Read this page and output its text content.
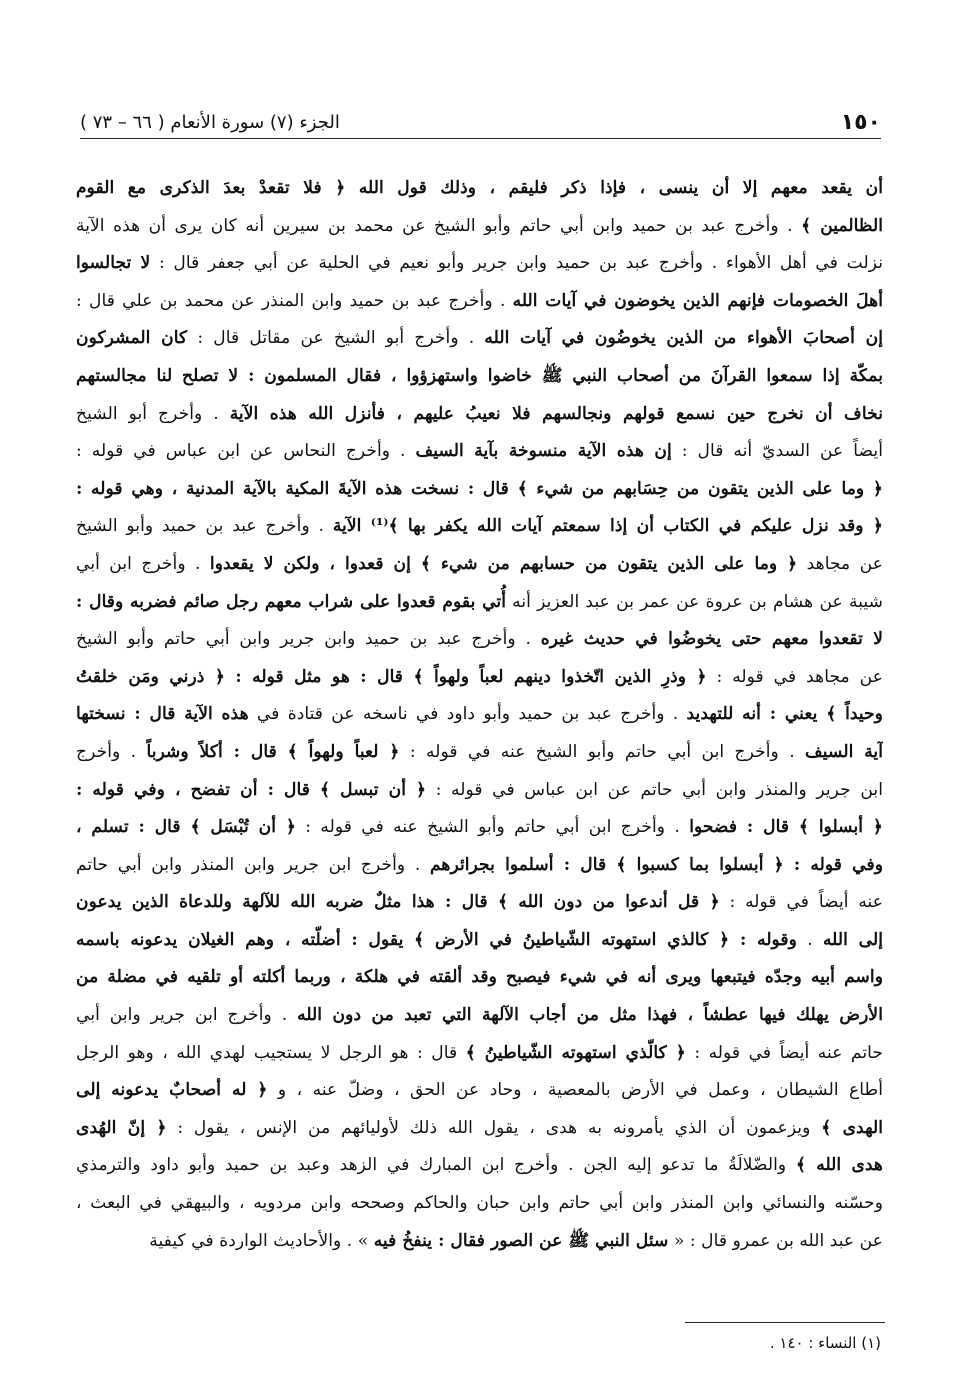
١٥٠
الجزء (٧) سورة الأنعام ( ٦٦ – ٧٣ )
أن يقعد معهم إلا أن ينسى ، فإذا ذكر فليقم ، وذلك قول الله ﴿ فلا تقعدْ بعدَ الذكرى مع القوم
الظالمين ﴾ . وأخرج عبد بن حميد وابن أبي حاتم وأبو الشيخ عن محمد بن سيرين أنه كان يرى أن هذه الآية
نزلت في أهل الأهواء . وأخرج عبد بن حميد وابن جرير وأبو نعيم في الحلية عن أبي جعفر قال : لا تجالسوا
أهلَ الخصومات فإنهم الذين يخوضون في آيات الله . وأخرج عبد بن حميد وابن المنذر عن محمد بن علي قال :
إن أصحابَ الأهواء من الذين يخوضُون في آيات الله . وأخرج أبو الشيخ عن مقاتل قال : كان المشركون
بمكّة إذا سمعوا القرآنَ من أصحاب النبي ﷺ خاضوا واستهزؤوا ، فقال المسلمون : لا تصلح لنا مجالستهم
نخاف أن نخرج حين نسمع قولهم ونجالسهم فلا نعيبُ عليهم ، فأنزل الله هذه الآية . وأخرج أبو الشيخ
أيضاً عن السديّ أنه قال : إن هذه الآية منسوخة بآية السيف . وأخرج النحاس عن ابن عباس في قوله :
﴿ وما على الذين يتقون من حِسَابهم من شيء ﴾ قال : نسخت هذه الآيةَ المكية بالآية المدنية ، وهي قوله :
﴿ وقد نزل عليكم في الكتاب أن إذا سمعتم آيات الله يكفر بها ﴾⁽¹⁾ الآية . وأخرج عبد بن حميد وأبو الشيخ
عن مجاهد ﴿ وما على الذين يتقون من حسابهم من شيء ﴾ إن قعدوا ، ولكن لا يقعدوا . وأخرج ابن أبي
شيبة عن هشام بن عروة عن عمر بن عبد العزيز أنه أُتي بقوم قعدوا على شراب معهم رجل صائم فضربه وقال :
لا تقعدوا معهم حتى يخوضُوا في حديث غيره . وأخرج عبد بن حميد وابن جرير وابن أبي حاتم وأبو الشيخ
عن مجاهد في قوله : ﴿ وذرِ الذين اتّخذوا دينهم لعباً ولهواً ﴾ قال : هو مثل قوله : ﴿ ذرني ومَن خلقتُ
وحيداً ﴾ يعني : أنه للتهديد . وأخرج عبد بن حميد وأبو داود في ناسخه عن قتادة في هذه الآية قال : نسختها
آية السيف . وأخرج ابن أبي حاتم وأبو الشيخ عنه في قوله : ﴿ لعباً ولهواً ﴾ قال : أكلاً وشرباً . وأخرج
ابن جرير والمنذر وابن أبي حاتم عن ابن عباس في قوله : ﴿ أن تبسل ﴾ قال : أن تفضح ، وفي قوله :
﴿ أبسلوا ﴾ قال : فضحوا . وأخرج ابن أبي حاتم وأبو الشيخ عنه في قوله : ﴿ أن تُبْسَل ﴾ قال : تسلم ،
وفي قوله : ﴿ أبسلوا بما كسبوا ﴾ قال : أسلموا بجرائرهم . وأخرج ابن جرير وابن المنذر وابن أبي حاتم
عنه أيضاً في قوله : ﴿ قل أندعوا من دون الله ﴾ قال : هذا مثلٌ ضربه الله للآلهة وللدعاة الذين يدعون
إلى الله . وقوله : ﴿ كالذي استهوته الشّياطينُ في الأرض ﴾ يقول : أضلّته ، وهم الغيلان يدعونه باسمه
واسم أبيه وجدّه فيتبعها ويرى أنه في شيء فيصبح وقد ألقته في هلكة ، وربما أكلته أو تلقيه في مضلة من
الأرض يهلك فيها عطشاً ، فهذا مثل من أجاب الآلهة التي تعبد من دون الله . وأخرج ابن جرير وابن أبي
حاتم عنه أيضاً في قوله : ﴿ كالّذي استهوته الشّياطينُ ﴾ قال : هو الرجل لا يستجيب لهدي الله ، وهو الرجل
أطاع الشيطان ، وعمل في الأرض بالمعصية ، وحاد عن الحق ، وضلّ عنه ، و ﴿ له أصحابٌ يدعونه إلى
الهدى ﴾ ويزعمون أن الذي يأمرونه به هدى ، يقول الله ذلك لأوليائهم من الإنس ، يقول : ﴿ إنّ الهُدى
هدى الله ﴾ والضّلالَةُ ما تدعو إليه الجن . وأخرج ابن المبارك في الزهد وعبد بن حميد وأبو داود والترمذي
وحسّنه والنسائي وابن المنذر وابن أبي حاتم وابن حبان والحاكم وصححه وابن مردويه ، والبيهقي في البعث ،
عن عبد الله بن عمرو قال : « سئل النبي ﷺ عن الصور فقال : ينفخُ فيه » . والأحاديث الواردة في كيفية
(١) النساء : ١٤٠ .
